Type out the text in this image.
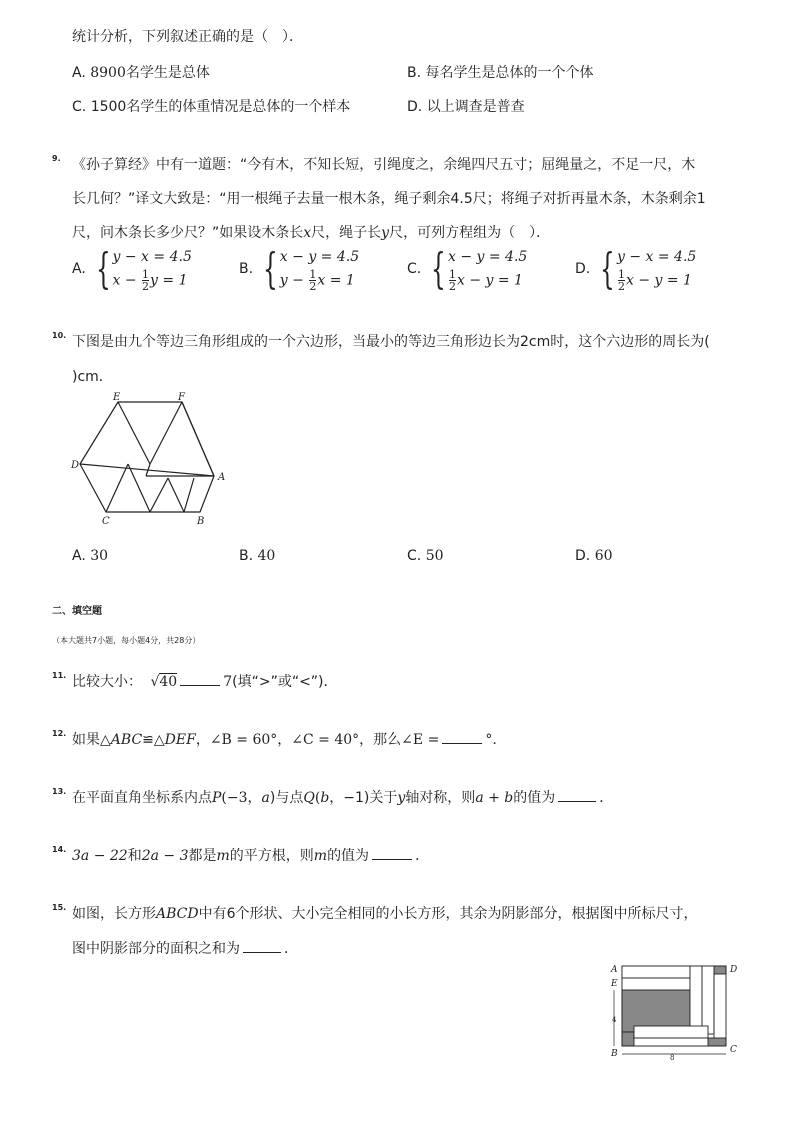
统计分析，下列叙述正确的是（　）．
A. 8900名学生是总体	B. 每名学生是总体的一个个体
C. 1500名学生的体重情况是总体的一个样本	D. 以上调查是普查
9. 《孙子算经》中有一道题：“今有木，不知长短，引绳度之，余绳四尺五寸；屈绳量之，不足一尺，木
长几何？”译文大致是：“用一根绳子去量一根木条，绳子剩余4.5尺；将绳子对折再量木条，木条剩余1
尺，问木条长多少尺？”如果设木条长x尺，绳子长y尺，可列方程组为（　）．
A. { y − x = 4.5
$x - \frac{1}{2}$ y = 1
B. { x − y = 4.5
$y - \frac{1}{2}$ x = 1
C. { x − y = 4.5
$\frac{1}{2}$ x − y = 1
D. { y − x = 4.5
$\frac{1}{2}$ x − y = 1
10. 下图是由九个等边三角形组成的一个六边形，当最小的等边三角形边长为2cm时，这个六边形的周长为(
)cm．
E	F
D
A
C	B
A. 30	B. 40	C. 50	D. 60
二、填空题
（本大题共7小题，每小题4分，共28分）
11. 比较大小： √40	7(填“>”或“<”)．
12. 如果△ABC≌△DEF，∠B = 60°，∠C = 40°，那么∠E =	°.
13. 在平面直角坐标系内点P(−3，a)与点Q(b，−1)关于y轴对称，则a + b的值为	．
14. 3a − 22和2a − 3都是m的平方根，则m的值为	．
15. 如图，长方形ABCD中有6个形状、大小完全相同的小长方形，其余为阴影部分，根据图中所标尺寸，
图中阴影部分的面积之和为	．
A
E
D
B	C
4
8
